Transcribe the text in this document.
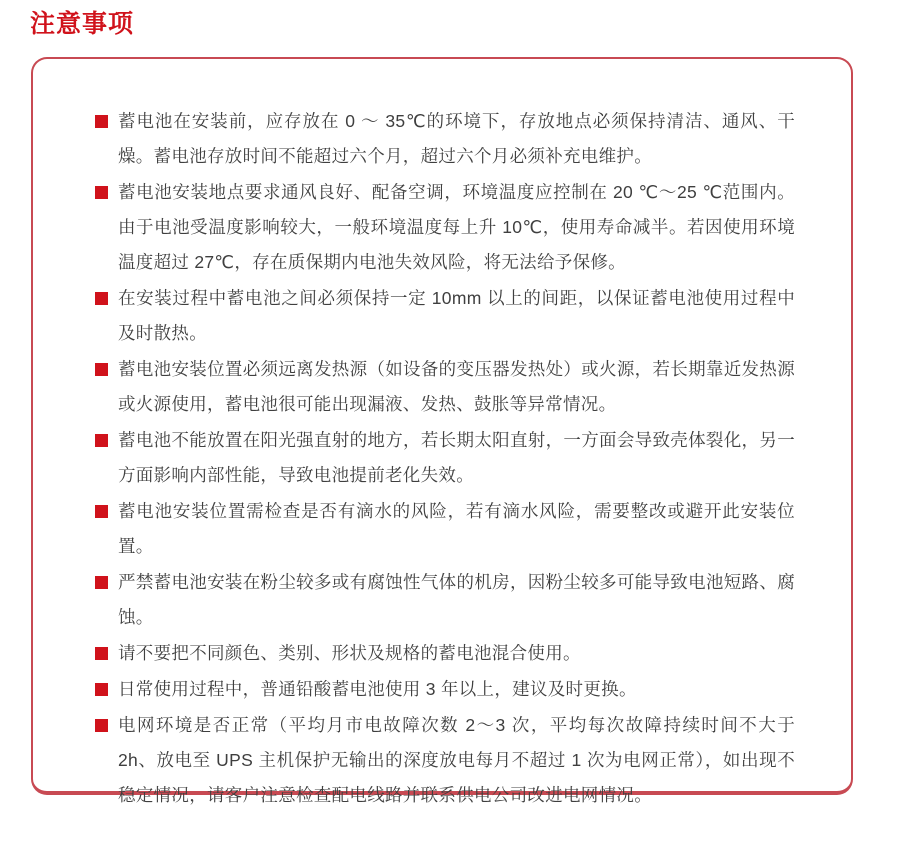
注意事项

蓄电池在安装前，应存放在 0 ～ 35℃的环境下，存放地点必须保持清洁、通风、干燥。蓄电池存放时间不能超过六个月，超过六个月必须补充电维护。

蓄电池安装地点要求通风良好、配备空调，环境温度应控制在 20 ℃～25 ℃范围内。由于电池受温度影响较大，一般环境温度每上升 10℃，使用寿命减半。若因使用环境温度超过 27℃，存在质保期内电池失效风险，将无法给予保修。

在安装过程中蓄电池之间必须保持一定 10mm 以上的间距，以保证蓄电池使用过程中及时散热。

蓄电池安装位置必须远离发热源（如设备的变压器发热处）或火源，若长期靠近发热源或火源使用，蓄电池很可能出现漏液、发热、鼓胀等异常情况。

蓄电池不能放置在阳光强直射的地方，若长期太阳直射，一方面会导致壳体裂化，另一方面影响内部性能，导致电池提前老化失效。

蓄电池安装位置需检查是否有滴水的风险，若有滴水风险，需要整改或避开此安装位置。

严禁蓄电池安装在粉尘较多或有腐蚀性气体的机房，因粉尘较多可能导致电池短路、腐蚀。

请不要把不同颜色、类别、形状及规格的蓄电池混合使用。

日常使用过程中，普通铅酸蓄电池使用 3 年以上，建议及时更换。

电网环境是否正常（平均月市电故障次数 2～3 次，平均每次故障持续时间不大于 2h、放电至 UPS 主机保护无输出的深度放电每月不超过 1 次为电网正常），如出现不稳定情况，请客户注意检查配电线路并联系供电公司改进电网情况。
